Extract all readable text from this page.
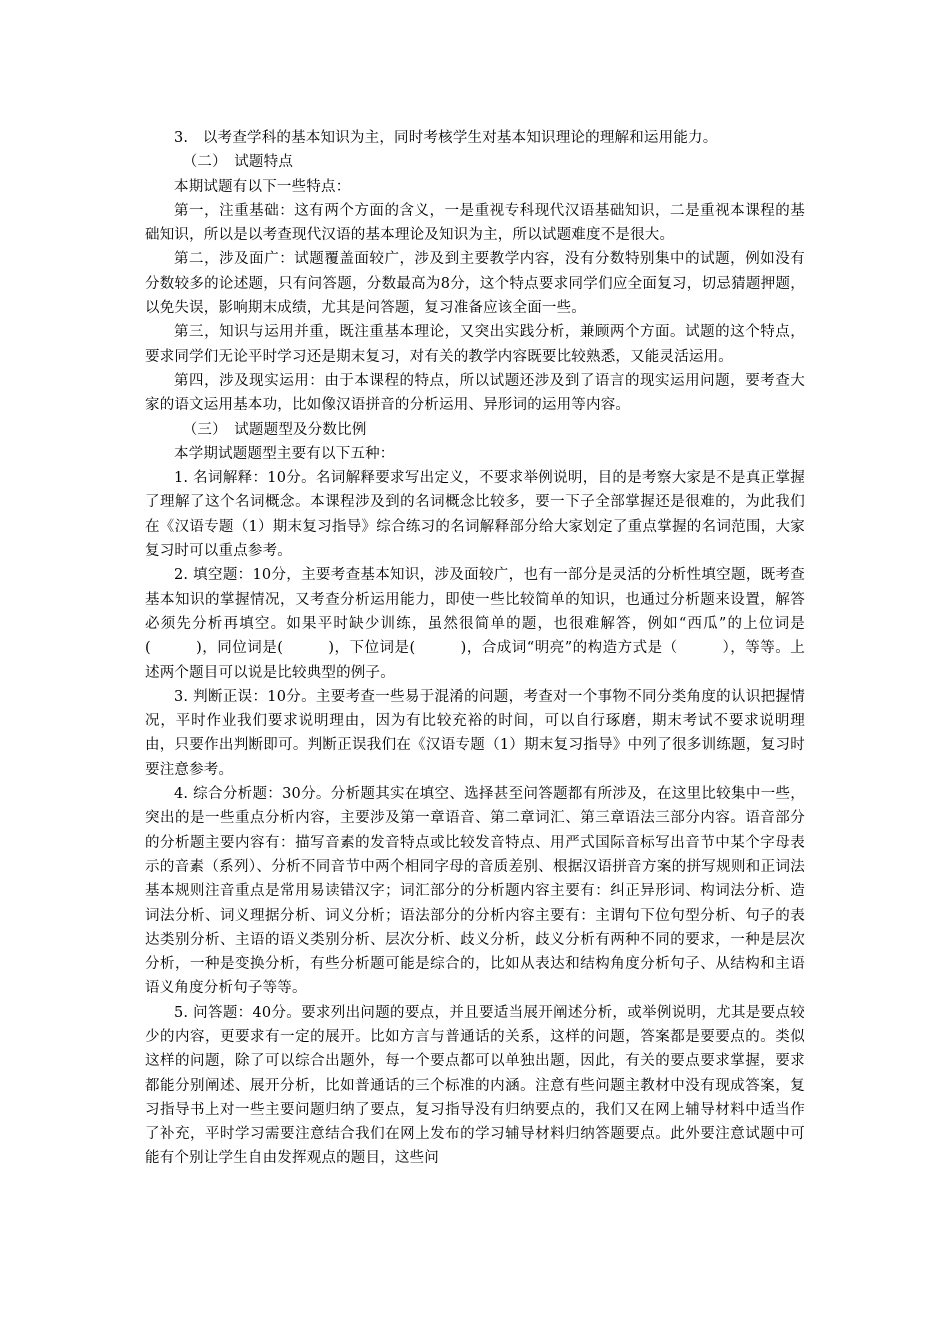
3.　以考查学科的基本知识为主，同时考核学生对基本知识理论的理解和运用能力。

（二）　试题特点

本期试题有以下一些特点：

第一，注重基础：这有两个方面的含义，一是重视专科现代汉语基础知识，二是重视本课程的基础知识，所以是以考查现代汉语的基本理论及知识为主，所以试题难度不是很大。

第二，涉及面广：试题覆盖面较广，涉及到主要教学内容，没有分数特别集中的试题，例如没有分数较多的论述题，只有问答题，分数最高为8分，这个特点要求同学们应全面复习，切忌猜题押题，以免失误，影响期末成绩，尤其是问答题，复习准备应该全面一些。

第三，知识与运用并重，既注重基本理论，又突出实践分析，兼顾两个方面。试题的这个特点，要求同学们无论平时学习还是期末复习，对有关的教学内容既要比较熟悉，又能灵活运用。

第四，涉及现实运用：由于本课程的特点，所以试题还涉及到了语言的现实运用问题，要考查大家的语文运用基本功，比如像汉语拼音的分析运用、异形词的运用等内容。

（三）　试题题型及分数比例

本学期试题题型主要有以下五种：

1. 名词解释：10分。名词解释要求写出定义，不要求举例说明，目的是考察大家是不是真正掌握了理解了这个名词概念。本课程涉及到的名词概念比较多，要一下子全部掌握还是很难的，为此我们在《汉语专题（1）期末复习指导》综合练习的名词解释部分给大家划定了重点掌握的名词范围，大家复习时可以重点参考。

2. 填空题：10分，主要考查基本知识，涉及面较广，也有一部分是灵活的分析性填空题，既考查基本知识的掌握情况，又考查分析运用能力，即使一些比较简单的知识，也通过分析题来设置，解答必须先分析再填空。如果平时缺少训练，虽然很简单的题，也很难解答，例如“西瓜”的上位词是(　　　)，同位词是(　　　)，下位词是(　　　)，合成词“明亮”的构造方式是（　　　），等等。上述两个题目可以说是比较典型的例子。

3. 判断正误：10分。主要考查一些易于混淆的问题，考查对一个事物不同分类角度的认识把握情况，平时作业我们要求说明理由，因为有比较充裕的时间，可以自行琢磨，期末考试不要求说明理由，只要作出判断即可。判断正误我们在《汉语专题（1）期末复习指导》中列了很多训练题，复习时要注意参考。

4. 综合分析题：30分。分析题其实在填空、选择甚至问答题都有所涉及，在这里比较集中一些，突出的是一些重点分析内容，主要涉及第一章语音、第二章词汇、第三章语法三部分内容。语音部分的分析题主要内容有：描写音素的发音特点或比较发音特点、用严式国际音标写出音节中某个字母表示的音素（系列）、分析不同音节中两个相同字母的音质差别、根据汉语拼音方案的拼写规则和正词法基本规则注音重点是常用易读错汉字；词汇部分的分析题内容主要有：纠正异形词、构词法分析、造词法分析、词义理据分析、词义分析；语法部分的分析内容主要有：主谓句下位句型分析、句子的表达类别分析、主语的语义类别分析、层次分析、歧义分析，歧义分析有两种不同的要求，一种是层次分析，一种是变换分析，有些分析题可能是综合的，比如从表达和结构角度分析句子、从结构和主语语义角度分析句子等等。

5. 问答题：40分。要求列出问题的要点，并且要适当展开阐述分析，或举例说明，尤其是要点较少的内容，更要求有一定的展开。比如方言与普通话的关系，这样的问题，答案都是要要点的。类似这样的问题，除了可以综合出题外，每一个要点都可以单独出题，因此，有关的要点要求掌握，要求都能分别阐述、展开分析，比如普通话的三个标准的内涵。注意有些问题主教材中没有现成答案，复习指导书上对一些主要问题归纳了要点，复习指导没有归纳要点的，我们又在网上辅导材料中适当作了补充，平时学习需要注意结合我们在网上发布的学习辅导材料归纳答题要点。此外要注意试题中可能有个别让学生自由发挥观点的题目，这些问
